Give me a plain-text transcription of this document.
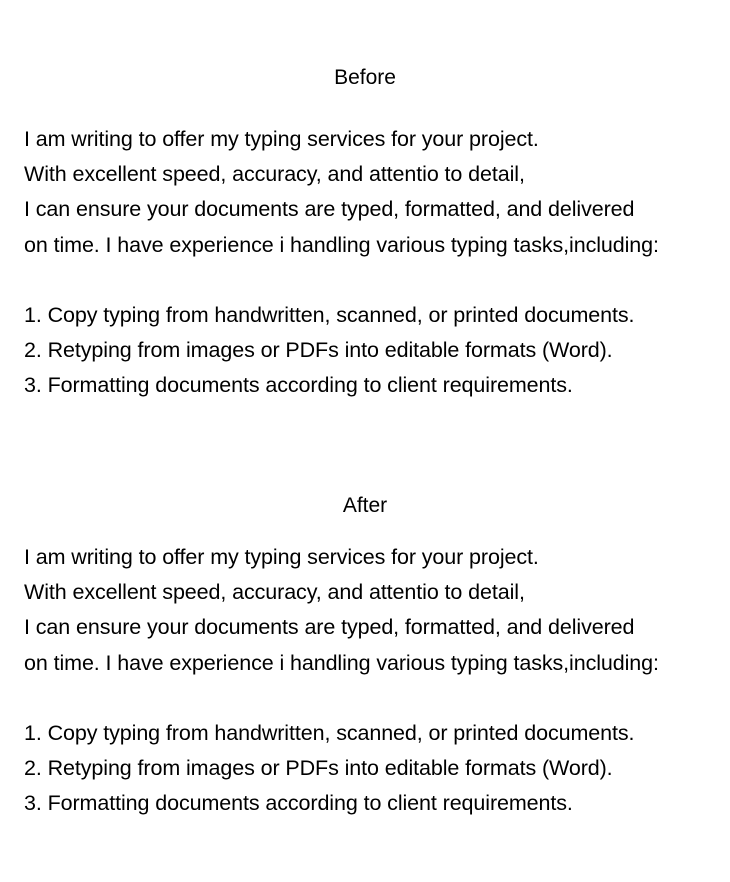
Before
I am writing to offer my typing services for your project.
With excellent speed, accuracy, and attentio to detail,
I can ensure your documents are typed, formatted, and delivered
on time. I have experience i handling various typing tasks,including:
1. Copy typing from handwritten, scanned, or printed documents.
2. Retyping from images or PDFs into editable formats (Word).
3. Formatting documents according to client requirements.
After
I am writing to offer my typing services for your project.
With excellent speed, accuracy, and attentio to detail,
I can ensure your documents are typed, formatted, and delivered
on time. I have experience i handling various typing tasks,including:
1. Copy typing from handwritten, scanned, or printed documents.
2. Retyping from images or PDFs into editable formats (Word).
3. Formatting documents according to client requirements.
